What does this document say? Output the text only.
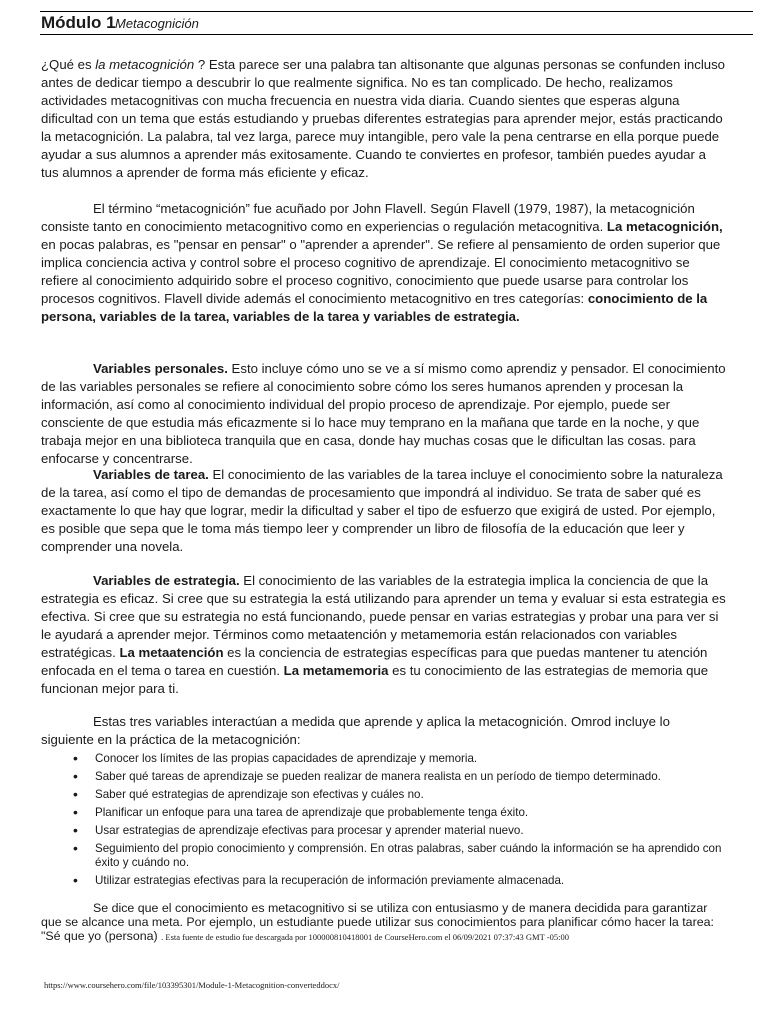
Módulo 1 Metacognición

¿Qué es la metacognición ? Esta parece ser una palabra tan altisonante que algunas personas se confunden incluso antes de dedicar tiempo a descubrir lo que realmente significa. No es tan complicado. De hecho, realizamos actividades metacognitivas con mucha frecuencia en nuestra vida diaria. Cuando sientes que esperas alguna dificultad con un tema que estás estudiando y pruebas diferentes estrategias para aprender mejor, estás practicando la metacognición. La palabra, tal vez larga, parece muy intangible, pero vale la pena centrarse en ella porque puede ayudar a sus alumnos a aprender más exitosamente. Cuando te conviertes en profesor, también puedes ayudar a tus alumnos a aprender de forma más eficiente y eficaz.

El término “metacognición” fue acuñado por John Flavell. Según Flavell (1979, 1987), la metacognición consiste tanto en conocimiento metacognitivo como en experiencias o regulación metacognitiva. La metacognición, en pocas palabras, es "pensar en pensar" o "aprender a aprender". Se refiere al pensamiento de orden superior que implica conciencia activa y control sobre el proceso cognitivo de aprendizaje. El conocimiento metacognitivo se refiere al conocimiento adquirido sobre el proceso cognitivo, conocimiento que puede usarse para controlar los procesos cognitivos. Flavell divide además el conocimiento metacognitivo en tres categorías: conocimiento de la persona, variables de la tarea, variables de la tarea y variables de estrategia.

Variables personales. Esto incluye cómo uno se ve a sí mismo como aprendiz y pensador. El conocimiento de las variables personales se refiere al conocimiento sobre cómo los seres humanos aprenden y procesan la información, así como al conocimiento individual del propio proceso de aprendizaje. Por ejemplo, puede ser consciente de que estudia más eficazmente si lo hace muy temprano en la mañana que tarde en la noche, y que trabaja mejor en una biblioteca tranquila que en casa, donde hay muchas cosas que le dificultan las cosas. para enfocarse y concentrarse.

Variables de tarea. El conocimiento de las variables de la tarea incluye el conocimiento sobre la naturaleza de la tarea, así como el tipo de demandas de procesamiento que impondrá al individuo. Se trata de saber qué es exactamente lo que hay que lograr, medir la dificultad y saber el tipo de esfuerzo que exigirá de usted. Por ejemplo, es posible que sepa que le toma más tiempo leer y comprender un libro de filosofía de la educación que leer y comprender una novela.

Variables de estrategia. El conocimiento de las variables de la estrategia implica la conciencia de que la estrategia es eficaz. Si cree que su estrategia la está utilizando para aprender un tema y evaluar si esta estrategia es efectiva. Si cree que su estrategia no está funcionando, puede pensar en varias estrategias y probar una para ver si le ayudará a aprender mejor. Términos como metaatención y metamemoria están relacionados con variables estratégicas. La metaatención es la conciencia de estrategias específicas para que puedas mantener tu atención enfocada en el tema o tarea en cuestión. La metamemoria es tu conocimiento de las estrategias de memoria que funcionan mejor para ti.

Estas tres variables interactúan a medida que aprende y aplica la metacognición. Omrod incluye lo siguiente en la práctica de la metacognición:

• Conocer los límites de las propias capacidades de aprendizaje y memoria.
• Saber qué tareas de aprendizaje se pueden realizar de manera realista en un período de tiempo determinado.
• Saber qué estrategias de aprendizaje son efectivas y cuáles no.
• Planificar un enfoque para una tarea de aprendizaje que probablemente tenga éxito.
• Usar estrategias de aprendizaje efectivas para procesar y aprender material nuevo.
• Seguimiento del propio conocimiento y comprensión. En otras palabras, saber cuándo la información se ha aprendido con éxito y cuándo no.
• Utilizar estrategias efectivas para la recuperación de información previamente almacenada.
Se dice que el conocimiento es metacognitivo si se utiliza con entusiasmo y de manera decidida para garantizar que se alcance una meta. Por ejemplo, un estudiante puede utilizar sus conocimientos para planificar cómo hacer la tarea: "Sé que yo (persona) . Esta fuente de estudio fue descargada por 100000810418001 de CourseHero.com el 06/09/2021 07:37:43 GMT -05:00
https://www.coursehero.com/file/103395301/Module-1-Metacognition-converteddocx/
